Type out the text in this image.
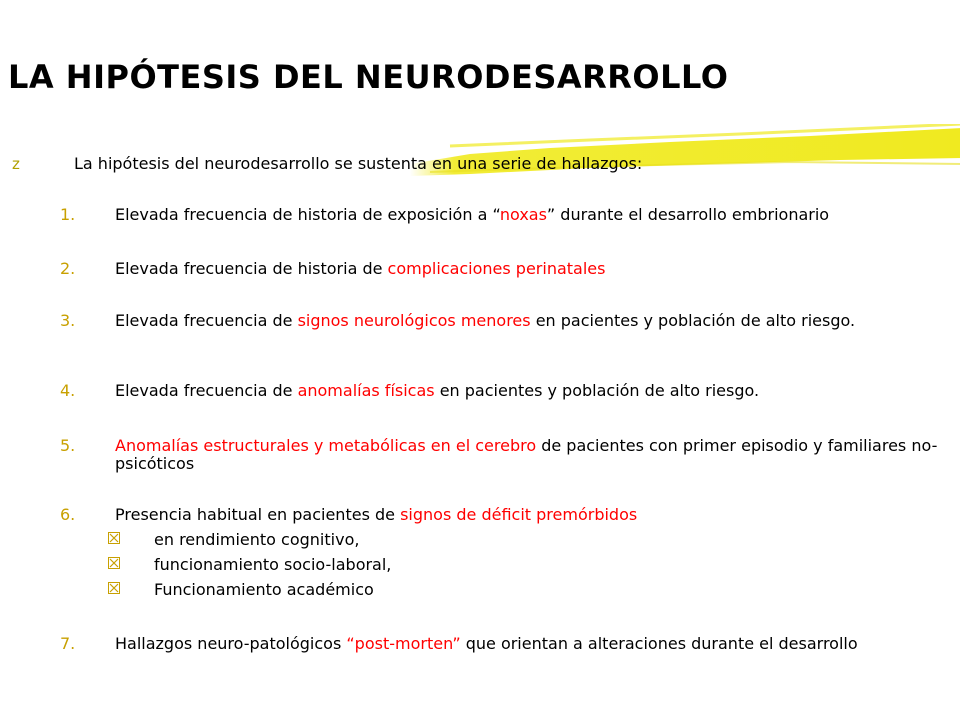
LA HIPÓTESIS DEL NEURODESARROLLO
z	La hipótesis del neurodesarrollo se sustenta en una serie de hallazgos:
1. Elevada frecuencia de historia de exposición a “noxas” durante el desarrollo embrionario
2. Elevada frecuencia de historia de complicaciones perinatales
3. Elevada frecuencia de signos neurológicos menores en pacientes y población de alto riesgo.
4. Elevada frecuencia de anomalías físicas en pacientes y población de alto riesgo.
5. Anomalías estructurales y metabólicas en el cerebro de pacientes con primer episodio y familiares no-psicóticos
6. Presencia habitual en pacientes de signos de déficit premórbidos
en rendimiento cognitivo,
funcionamiento socio-laboral,
Funcionamiento académico
7. Hallazgos neuro-patológicos “post-morten” que orientan a alteraciones durante el desarrollo
